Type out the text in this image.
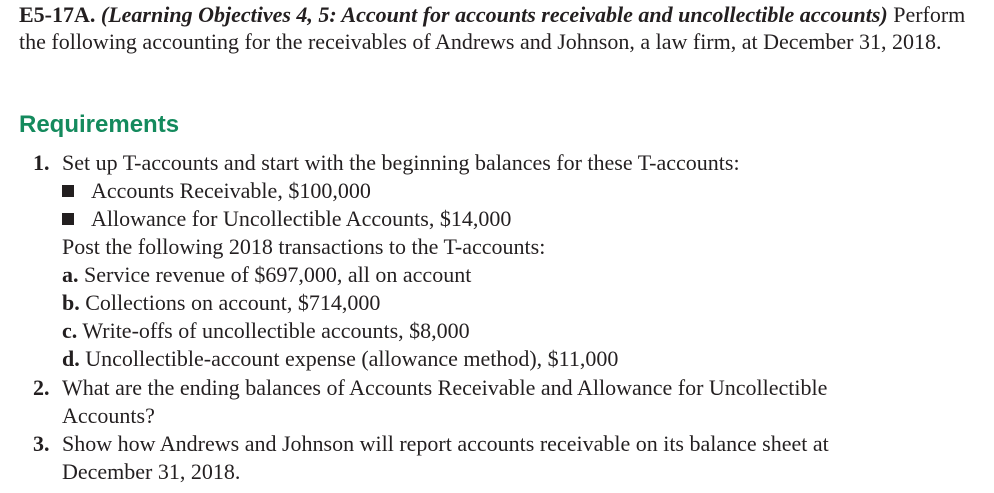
E5-17A. (Learning Objectives 4, 5: Account for accounts receivable and uncollectible accounts) Perform the following accounting for the receivables of Andrews and Johnson, a law firm, at December 31, 2018.

Requirements
1. Set up T-accounts and start with the beginning balances for these T-accounts:
Accounts Receivable, $100,000
Allowance for Uncollectible Accounts, $14,000
Post the following 2018 transactions to the T-accounts:
a. Service revenue of $697,000, all on account
b. Collections on account, $714,000
c. Write-offs of uncollectible accounts, $8,000
d. Uncollectible-account expense (allowance method), $11,000
2. What are the ending balances of Accounts Receivable and Allowance for Uncollectible
Accounts?
3. Show how Andrews and Johnson will report accounts receivable on its balance sheet at
December 31, 2018.
